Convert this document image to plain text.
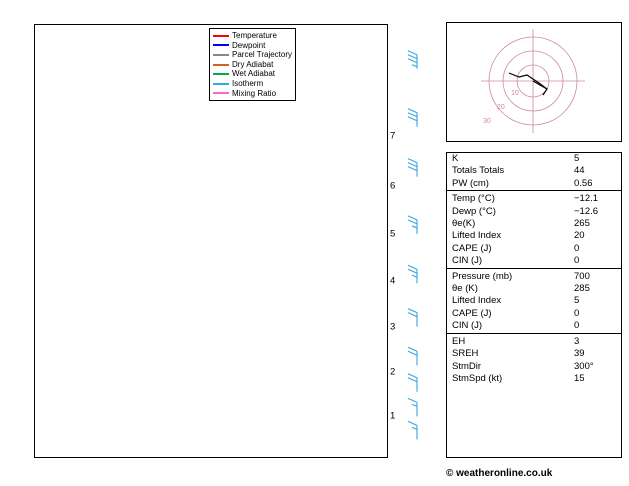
1
2
3
4
5
6
7
Temperature
Dewpoint
Parcel Trajectory
Dry Adiabat
Wet Adiabat
Isotherm
Mixing Ratio	10
20
30
K	5
Totals Totals	44
PW (cm)	0.56
Temp (°C)	−12.1
Dewp (°C)	−12.6
θe(K)	265
Lifted Index	20
CAPE (J)	0
CIN (J)	0
Pressure (mb)	700
θe (K)	285
Lifted Index	5
CAPE (J)	0
CIN (J)	0
EH	3
SREH	39
StmDir	300°
StmSpd (kt)	15
© weatheronline.co.uk
